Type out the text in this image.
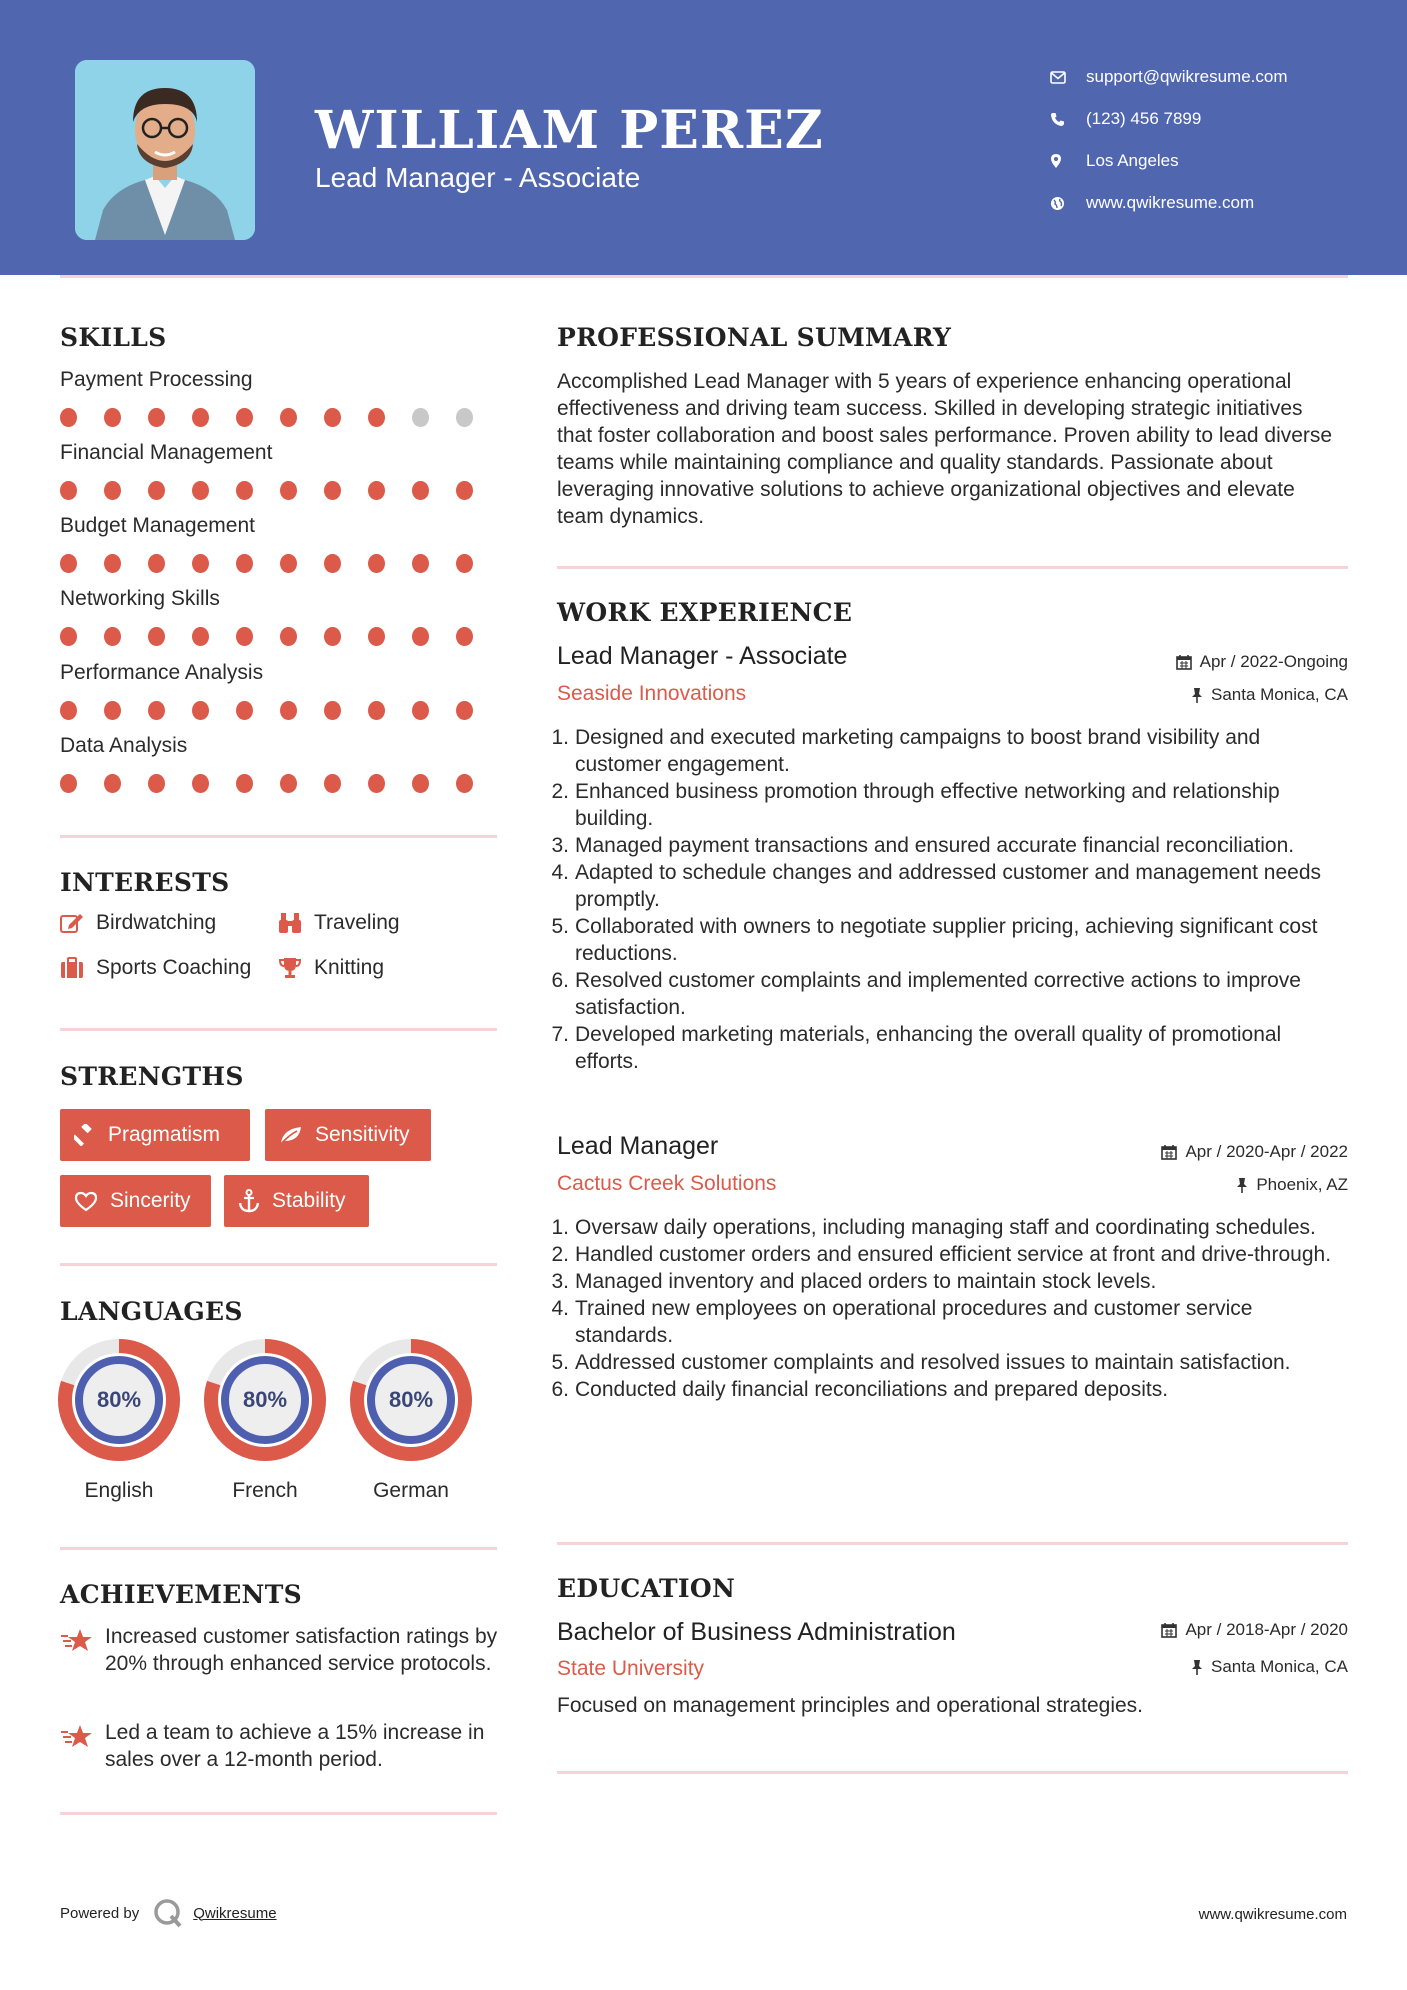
WILLIAM PEREZ
Lead Manager - Associate
support@qwikresume.com
(123) 456 7899
Los Angeles
www.qwikresume.com
SKILLS
Payment Processing
Financial Management
Budget Management
Networking Skills
Performance Analysis
Data Analysis
INTERESTS
Birdwatching	Traveling
Sports Coaching	Knitting
STRENGTHS
Pragmatism	Sensitivity
Sincerity	Stability
LANGUAGES
80%
English
80%
French
80%
German
ACHIEVEMENTS
Increased customer satisfaction ratings by 20% through enhanced service protocols.
Led a team to achieve a 15% increase in sales over a 12-month period.
PROFESSIONAL SUMMARY
Accomplished Lead Manager with 5 years of experience enhancing operational effectiveness and driving team success. Skilled in developing strategic initiatives that foster collaboration and boost sales performance. Proven ability to lead diverse teams while maintaining compliance and quality standards. Passionate about leveraging innovative solutions to achieve organizational objectives and elevate team dynamics.
WORK EXPERIENCE
Lead Manager - Associate	Apr / 2022-Ongoing
Seaside Innovations	Santa Monica, CA
1. Designed and executed marketing campaigns to boost brand visibility and customer engagement.
2. Enhanced business promotion through effective networking and relationship building.
3. Managed payment transactions and ensured accurate financial reconciliation.
4. Adapted to schedule changes and addressed customer and management needs promptly.
5. Collaborated with owners to negotiate supplier pricing, achieving significant cost reductions.
6. Resolved customer complaints and implemented corrective actions to improve satisfaction.
7. Developed marketing materials, enhancing the overall quality of promotional efforts.
Lead Manager	Apr / 2020-Apr / 2022
Cactus Creek Solutions	Phoenix, AZ
1. Oversaw daily operations, including managing staff and coordinating schedules.
2. Handled customer orders and ensured efficient service at front and drive-through.
3. Managed inventory and placed orders to maintain stock levels.
4. Trained new employees on operational procedures and customer service standards.
5. Addressed customer complaints and resolved issues to maintain satisfaction.
6. Conducted daily financial reconciliations and prepared deposits.
EDUCATION
Bachelor of Business Administration	Apr / 2018-Apr / 2020
State University	Santa Monica, CA
Focused on management principles and operational strategies.
Powered by	Qwikresume	www.qwikresume.com
